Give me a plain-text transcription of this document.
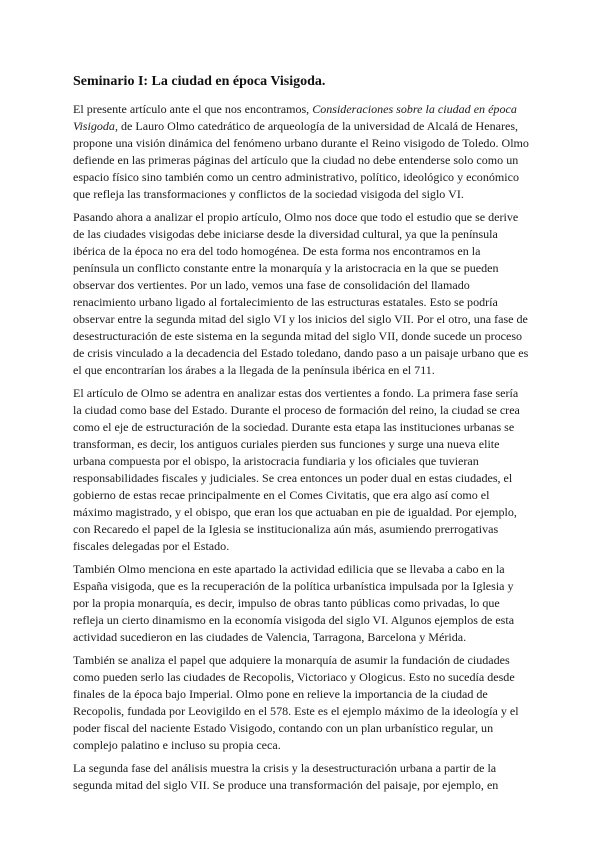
Seminario I: La ciudad en época Visigoda.

El presente artículo ante el que nos encontramos, Consideraciones sobre la ciudad en época Visigoda, de Lauro Olmo catedrático de arqueología de la universidad de Alcalá de Henares, propone una visión dinámica del fenómeno urbano durante el Reino visigodo de Toledo. Olmo defiende en las primeras páginas del artículo que la ciudad no debe entenderse solo como un espacio físico sino también como un centro administrativo, político, ideológico y económico que refleja las transformaciones y conflictos de la sociedad visigoda del siglo VI.

Pasando ahora a analizar el propio artículo, Olmo nos doce que todo el estudio que se derive de las ciudades visigodas debe iniciarse desde la diversidad cultural, ya que la península ibérica de la época no era del todo homogénea. De esta forma nos encontramos en la península un conflicto constante entre la monarquía y la aristocracia en la que se pueden observar dos vertientes. Por un lado, vemos una fase de consolidación del llamado renacimiento urbano ligado al fortalecimiento de las estructuras estatales. Esto se podría observar entre la segunda mitad del siglo VI y los inicios del siglo VII. Por el otro, una fase de desestructuración de este sistema en la segunda mitad del siglo VII, donde sucede un proceso de crisis vinculado a la decadencia del Estado toledano, dando paso a un paisaje urbano que es el que encontrarían los árabes a la llegada de la península ibérica en el 711.

El artículo de Olmo se adentra en analizar estas dos vertientes a fondo. La primera fase sería la ciudad como base del Estado. Durante el proceso de formación del reino, la ciudad se crea como el eje de estructuración de la sociedad. Durante esta etapa las instituciones urbanas se transforman, es decir, los antiguos curiales pierden sus funciones y surge una nueva elite urbana compuesta por el obispo, la aristocracia fundiaria y los oficiales que tuvieran responsabilidades fiscales y judiciales. Se crea entonces un poder dual en estas ciudades, el gobierno de estas recae principalmente en el Comes Civitatis, que era algo así como el máximo magistrado, y el obispo, que eran los que actuaban en pie de igualdad. Por ejemplo, con Recaredo el papel de la Iglesia se institucionaliza aún más, asumiendo prerrogativas fiscales delegadas por el Estado.

También Olmo menciona en este apartado la actividad edilicia que se llevaba a cabo en la España visigoda, que es la recuperación de la política urbanística impulsada por la Iglesia y por la propia monarquía, es decir, impulso de obras tanto públicas como privadas, lo que refleja un cierto dinamismo en la economía visigoda del siglo VI. Algunos ejemplos de esta actividad sucedieron en las ciudades de Valencia, Tarragona, Barcelona y Mérida.

También se analiza el papel que adquiere la monarquía de asumir la fundación de ciudades como pueden serlo las ciudades de Recopolis, Victoriaco y Ologicus. Esto no sucedía desde finales de la época bajo Imperial. Olmo pone en relieve la importancia de la ciudad de Recopolis, fundada por Leovigildo en el 578. Este es el ejemplo máximo de la ideología y el poder fiscal del naciente Estado Visigodo, contando con un plan urbanístico regular, un complejo palatino e incluso su propia ceca.

La segunda fase del análisis muestra la crisis y la desestructuración urbana a partir de la segunda mitad del siglo VII. Se produce una transformación del paisaje, por ejemplo, en
